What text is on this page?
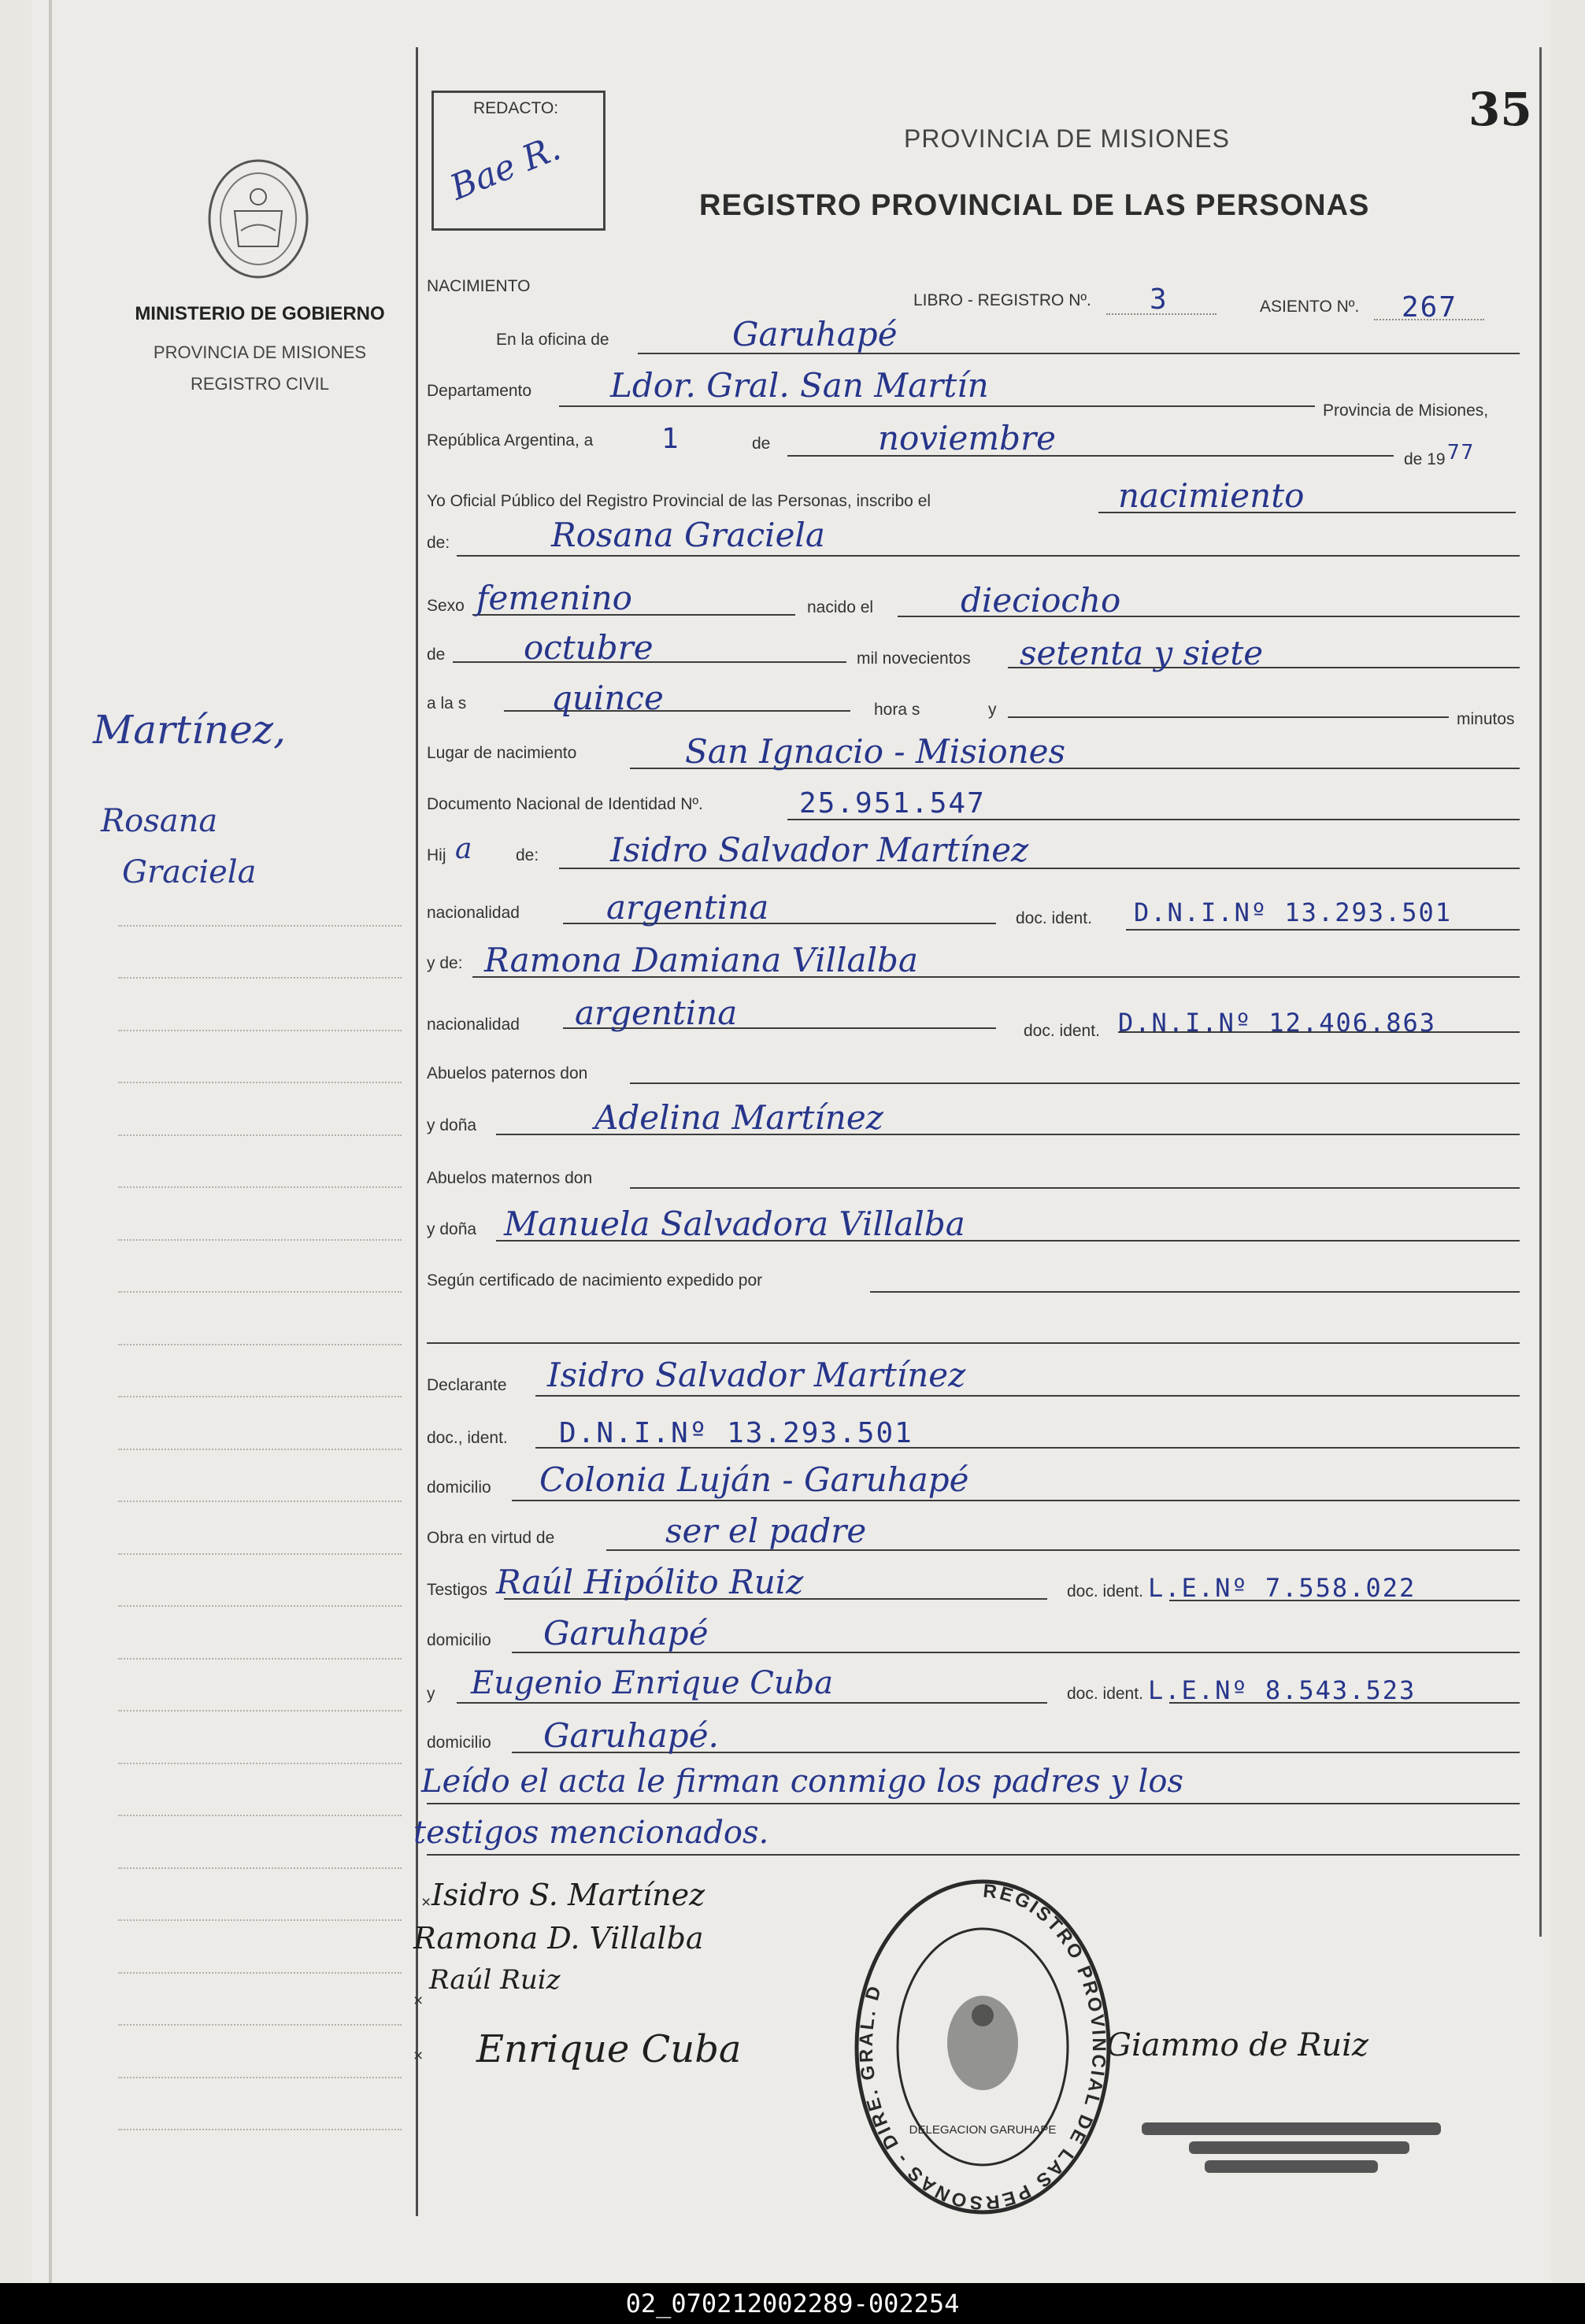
35
REDACTO:
Bae R.	PROVINCIA DE MISIONES
REGISTRO PROVINCIAL DE LAS PERSONAS
MINISTERIO DE GOBIERNO
PROVINCIA DE MISIONES
REGISTRO CIVIL
Martínez,
Rosana
Graciela
NACIMIENTO
LIBRO - REGISTRO Nº. 3	ASIENTO Nº. 267
En la oficina de	Garuhapé
Departamento Ldor. Gral. San Martín
Provincia de Misiones,
República Argentina, a 1	de	noviembre
de 19 77
Yo Oficial Público del Registro Provincial de las Personas, inscribo el	nacimiento
de:	Rosana Graciela
Sexo femenino	nacido el	dieciocho
de octubre	mil novecientos setenta y siete
a la s	quince	hora s	y
minutos
Lugar de nacimiento	San Ignacio - Misiones
Documento Nacional de Identidad Nº.	25.951.547
Hij a	de: Isidro Salvador Martínez
nacionalidad	argentina	doc. ident. D.N.I.Nº 13.293.501
y de: Ramona Damiana Villalba
nacionalidad argentina	doc. ident. D.N.I.Nº 12.406.863
Abuelos paternos don
y doña	Adelina Martínez
Abuelos maternos don
y doña Manuela Salvadora Villalba
Según certificado de nacimiento expedido por
Declarante Isidro Salvador Martínez
doc., ident. D.N.I.Nº 13.293.501
domicilio Colonia Luján - Garuhapé
Obra en virtud de	ser el padre
Testigos Raúl Hipólito Ruiz	doc. ident. L.E.Nº 7.558.022
domicilio Garuhapé
y Eugenio Enrique Cuba	doc. ident. L.E.Nº 8.543.523
domicilio Garuhapé.
Leído el acta le firman conmigo los padres y los
testigos mencionados.
× Isidro S. Martínez
Ramona D. Villalba
×
Raúl Ruiz
× Enrique Cuba	Giammo de Ruiz
REGISTRO PROVINCIAL DE LAS PERSONAS - DIRE. GRAL. D
DELEGACION GARUHAPE
02_070212002289-002254
